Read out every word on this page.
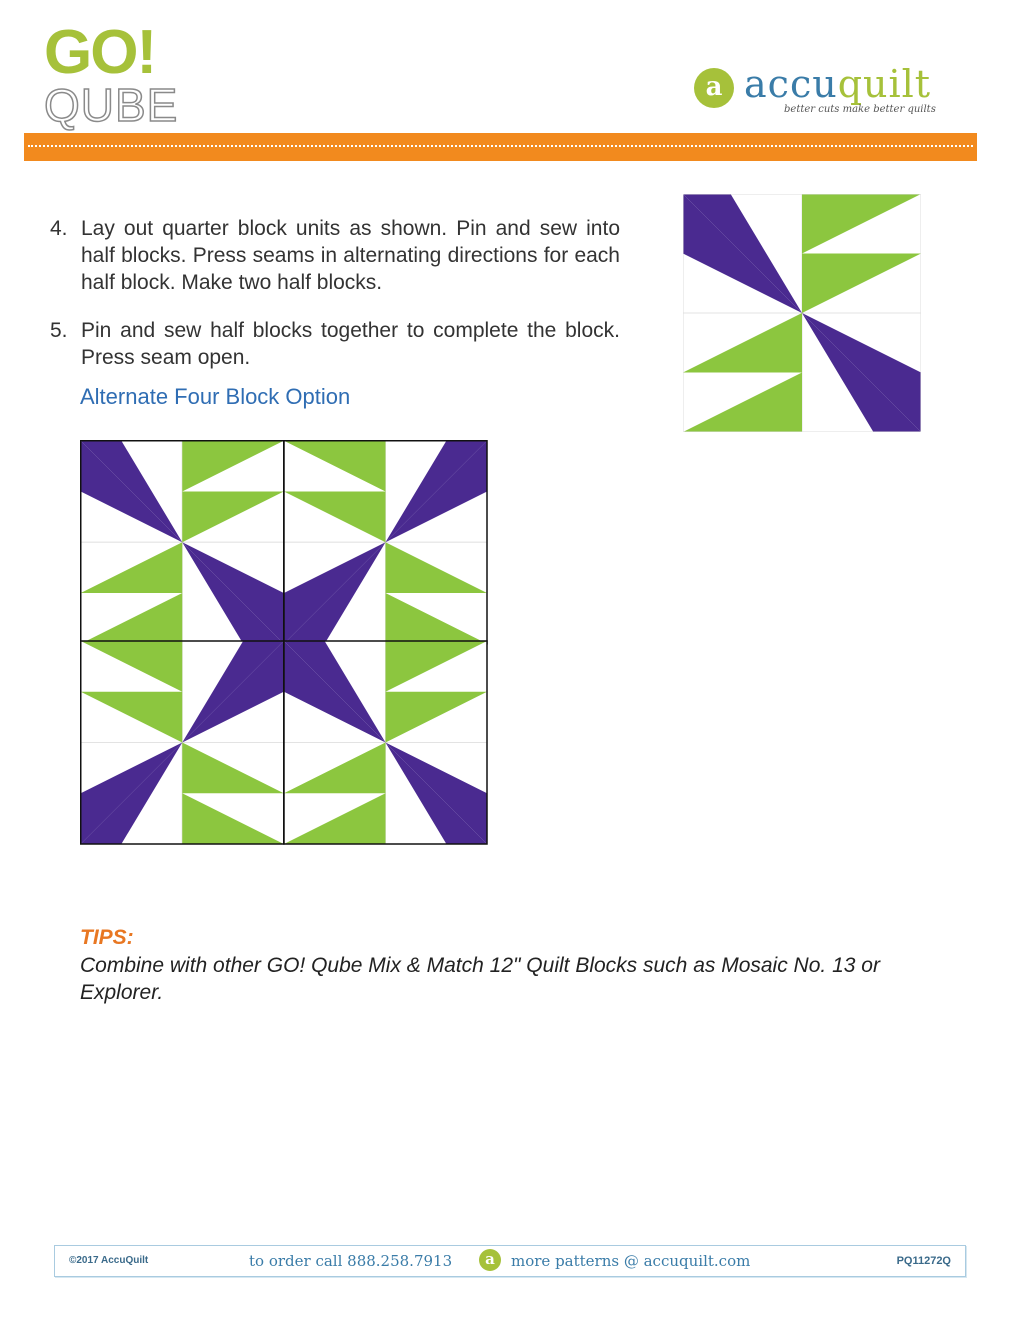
GO!
QUBE	a accuquilt
better cuts make better quilts
4. Lay out quarter block units as shown. Pin and sew into half blocks. Press seams in alternating directions for each half block. Make two half blocks.
5. Pin and sew half blocks together to complete the block. Press seam open.
Alternate Four Block Option
TIPS:
Combine with other GO! Qube Mix & Match 12" Quilt Blocks such as Mosaic No. 13 or Explorer.
©2017 AccuQuilt	to order call 888.258.7913	a	more patterns @ accuquilt.com	PQ11272Q
